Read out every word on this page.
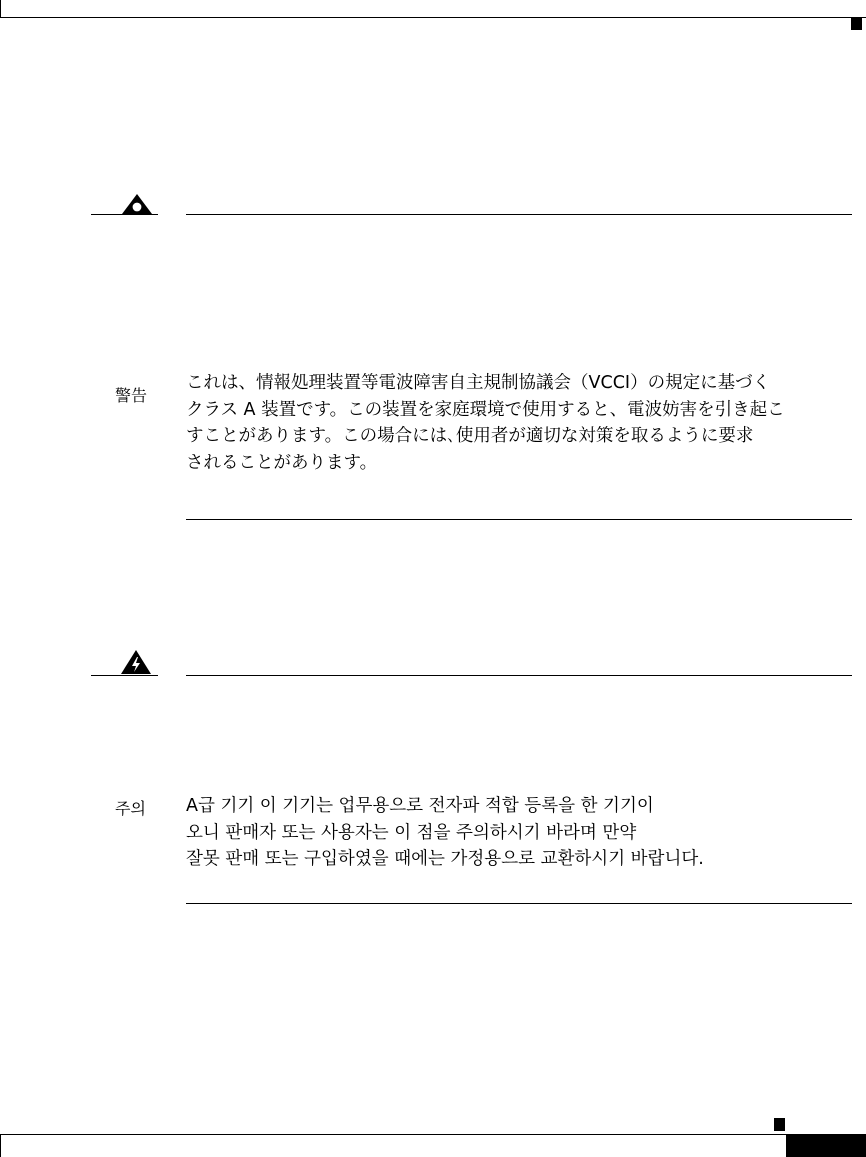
警告
これは、情報処理装置等電波障害自主規制協議会（VCCI）の規定に基づく
クラス A 装置です。この装置を家庭環境で使用すると、電波妨害を引き起こ
すことがあります。この場合には､使用者が適切な対策を取るように要求
されることがあります。
주의 A급 기기 이 기기는 업무용으로 전자파 적합 등록을 한 기기이
오니 판매자 또는 사용자는 이 점을 주의하시기 바라며 만약
잘못 판매 또는 구입하였을 때에는 가정용으로 교환하시기 바랍니다.
